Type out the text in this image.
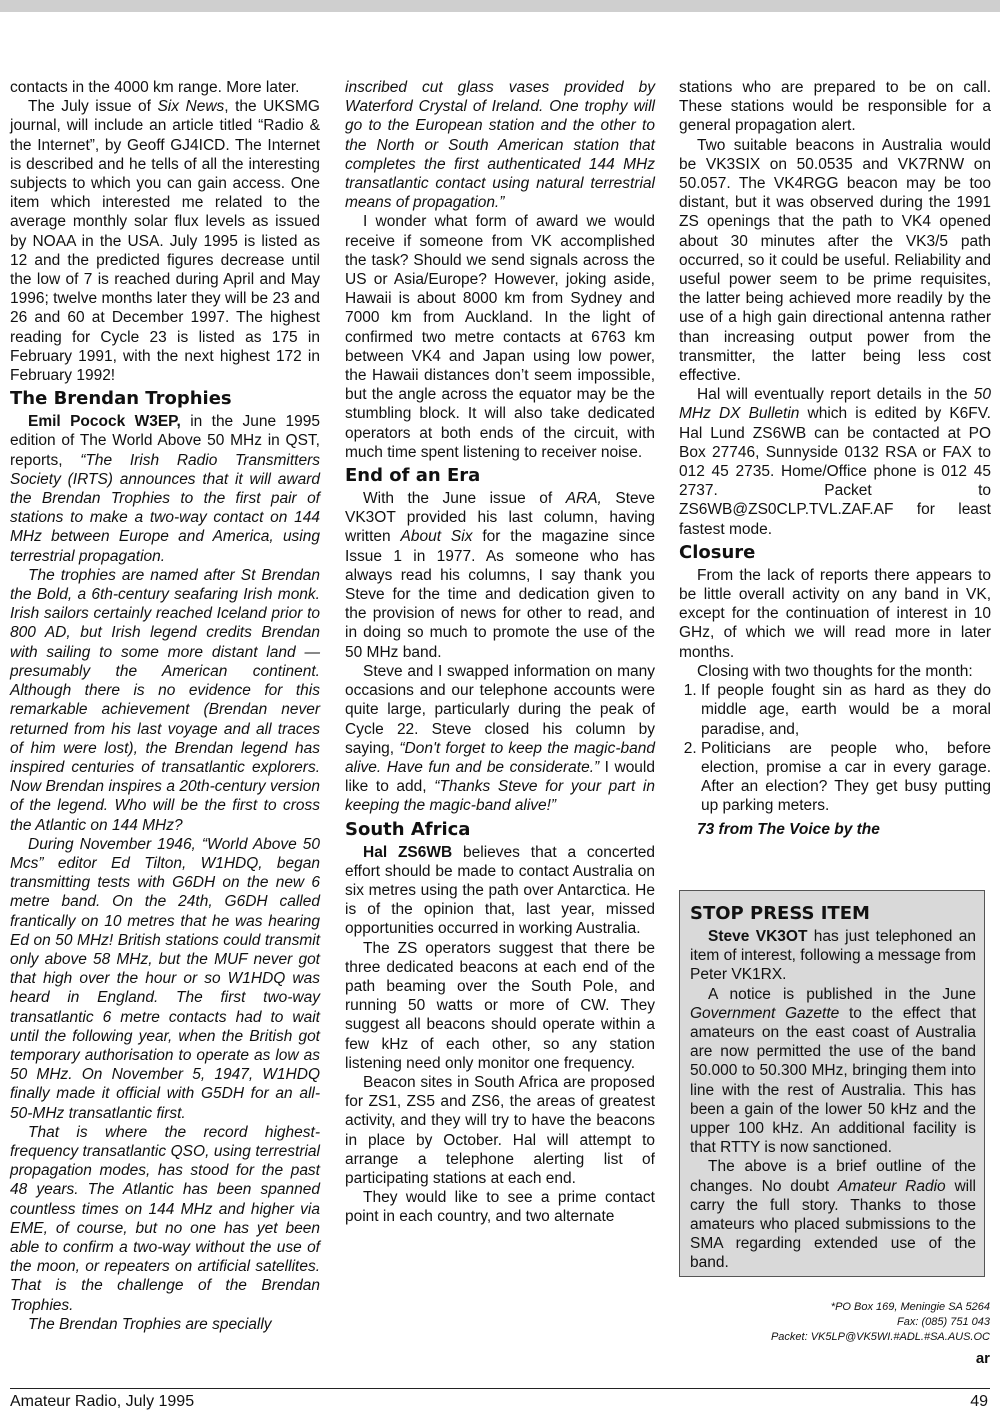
contacts in the 4000 km range. More later.

The July issue of Six News, the UKSMG journal, will include an article titled “Radio & the Internet”, by Geoff GJ4ICD. The Internet is described and he tells of all the interesting subjects to which you can gain access. One item which interested me related to the average monthly solar flux levels as issued by NOAA in the USA. July 1995 is listed as 12 and the predicted figures decrease until the low of 7 is reached during April and May 1996; twelve months later they will be 23 and 26 and 60 at December 1997. The highest reading for Cycle 23 is listed as 175 in February 1991, with the next highest 172 in February 1992!

The Brendan Trophies

Emil Pocock W3EP, in the June 1995 edition of The World Above 50 MHz in QST, reports, “The Irish Radio Transmitters Society (IRTS) announces that it will award the Brendan Trophies to the first pair of stations to make a two-way contact on 144 MHz between Europe and America, using terrestrial propagation.

The trophies are named after St Brendan the Bold, a 6th-century seafaring Irish monk. Irish sailors certainly reached Iceland prior to 800 AD, but Irish legend credits Brendan with sailing to some more distant land — presumably the American continent. Although there is no evidence for this remarkable achievement (Brendan never returned from his last voyage and all traces of him were lost), the Brendan legend has inspired centuries of transatlantic explorers. Now Brendan inspires a 20th-century version of the legend. Who will be the first to cross the Atlantic on 144 MHz?

During November 1946, “World Above 50 Mcs” editor Ed Tilton, W1HDQ, began transmitting tests with G6DH on the new 6 metre band. On the 24th, G6DH called frantically on 10 metres that he was hearing Ed on 50 MHz! British stations could transmit only above 58 MHz, but the MUF never got that high over the hour or so W1HDQ was heard in England. The first two-way transatlantic 6 metre contacts had to wait until the following year, when the British got temporary authorisation to operate as low as 50 MHz. On November 5, 1947, W1HDQ finally made it official with G5DH for an all-50-MHz transatlantic first.

That is where the record highest-frequency transatlantic QSO, using terrestrial propagation modes, has stood for the past 48 years. The Atlantic has been spanned countless times on 144 MHz and higher via EME, of course, but no one has yet been able to confirm a two-way without the use of the moon, or repeaters on artificial satellites. That is the challenge of the Brendan Trophies.

The Brendan Trophies are specially

inscribed cut glass vases provided by Waterford Crystal of Ireland. One trophy will go to the European station and the other to the North or South American station that completes the first authenticated 144 MHz transatlantic contact using natural terrestrial means of propagation.”

I wonder what form of award we would receive if someone from VK accomplished the task? Should we send signals across the US or Asia/Europe? However, joking aside, Hawaii is about 8000 km from Sydney and 7000 km from Auckland. In the light of confirmed two metre contacts at 6763 km between VK4 and Japan using low power, the Hawaii distances don’t seem impossible, but the angle across the equator may be the stumbling block. It will also take dedicated operators at both ends of the circuit, with much time spent listening to receiver noise.

End of an Era

With the June issue of ARA, Steve VK3OT provided his last column, having written About Six for the magazine since Issue 1 in 1977. As someone who has always read his columns, I say thank you Steve for the time and dedication given to the provision of news for other to read, and in doing so much to promote the use of the 50 MHz band.

Steve and I swapped information on many occasions and our telephone accounts were quite large, particularly during the peak of Cycle 22. Steve closed his column by saying, “Don't forget to keep the magic-band alive. Have fun and be considerate.” I would like to add, “Thanks Steve for your part in keeping the magic-band alive!”

South Africa

Hal ZS6WB believes that a concerted effort should be made to contact Australia on six metres using the path over Antarctica. He is of the opinion that, last year, missed opportunities occurred in working Australia.

The ZS operators suggest that there be three dedicated beacons at each end of the path beaming over the South Pole, and running 50 watts or more of CW. They suggest all beacons should operate within a few kHz of each other, so any station listening need only monitor one frequency.

Beacon sites in South Africa are proposed for ZS1, ZS5 and ZS6, the areas of greatest activity, and they will try to have the beacons in place by October. Hal will attempt to arrange a telephone alerting list of participating stations at each end.

They would like to see a prime contact point in each country, and two alternate

stations who are prepared to be on call. These stations would be responsible for a general propagation alert.

Two suitable beacons in Australia would be VK3SIX on 50.0535 and VK7RNW on 50.057. The VK4RGG beacon may be too distant, but it was observed during the 1991 ZS openings that the path to VK4 opened about 30 minutes after the VK3/5 path occurred, so it could be useful. Reliability and useful power seem to be prime requisites, the latter being achieved more readily by the use of a high gain directional antenna rather than increasing output power from the transmitter, the latter being less cost effective.

Hal will eventually report details in the 50 MHz DX Bulletin which is edited by K6FV. Hal Lund ZS6WB can be contacted at PO Box 27746, Sunnyside 0132 RSA or FAX to 012 45 2735. Home/Office phone is 012 45 2737. Packet to ZS6WB@ZS0CLP.TVL.ZAF.AF for least fastest mode.

Closure

From the lack of reports there appears to be little overall activity on any band in VK, except for the continuation of interest in 10 GHz, of which we will read more in later months.

Closing with two thoughts for the month:

1. If people fought sin as hard as they do middle age, earth would be a moral paradise, and,
2. Politicians are people who, before election, promise a car in every garage. After an election? They get busy putting up parking meters.
73 from The Voice by the
STOP PRESS ITEM

Steve VK3OT has just telephoned an item of interest, following a message from Peter VK1RX.

A notice is published in the June Government Gazette to the effect that amateurs on the east coast of Australia are now permitted the use of the band 50.000 to 50.300 MHz, bringing them into line with the rest of Australia. This has been a gain of the lower 50 kHz and the upper 100 kHz. An additional facility is that RTTY is now sanctioned.

The above is a brief outline of the changes. No doubt Amateur Radio will carry the full story. Thanks to those amateurs who placed submissions to the SMA regarding extended use of the band.

*PO Box 169, Meningie SA 5264
Fax: (085) 751 043
Packet: VK5LP@VK5WI.#ADL.#SA.AUS.OC
ar
Amateur Radio, July 1995	49
